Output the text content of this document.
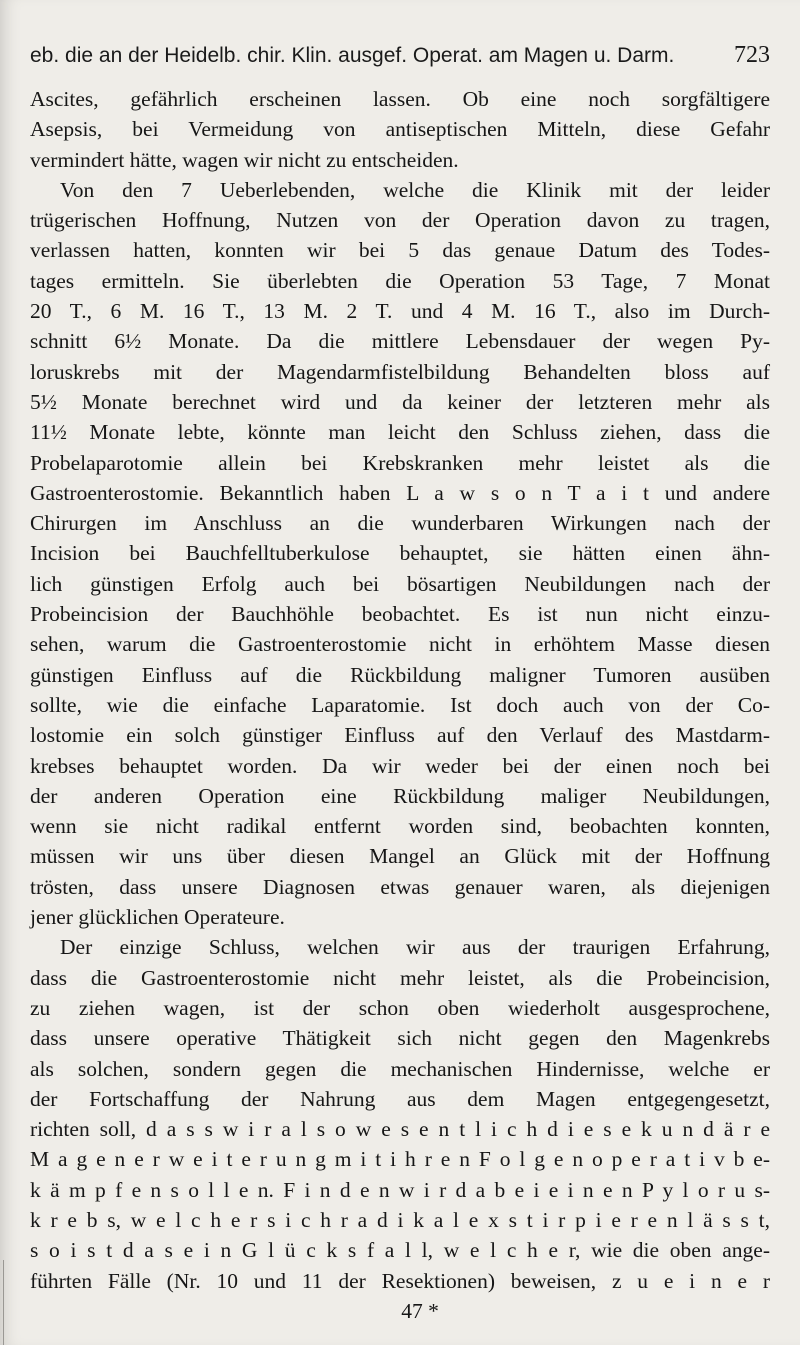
eb. die an der Heidelb. chir. Klin. ausgef. Operat. am Magen u. Darm. 723
Ascites, gefährlich erscheinen lassen. Ob eine noch sorgfältigere
Asepsis, bei Vermeidung von antiseptischen Mitteln, diese Gefahr
vermindert hätte, wagen wir nicht zu entscheiden.
Von den 7 Ueberlebenden, welche die Klinik mit der leider
trügerischen Hoffnung, Nutzen von der Operation davon zu tragen,
verlassen hatten, konnten wir bei 5 das genaue Datum des Todes-
tages ermitteln. Sie überlebten die Operation 53 Tage, 7 Monat
20 T., 6 M. 16 T., 13 M. 2 T. und 4 M. 16 T., also im Durch-
schnitt 6½ Monate. Da die mittlere Lebensdauer der wegen Py-
loruskrebs mit der Magendarmfistelbildung Behandelten bloss auf
5½ Monate berechnet wird und da keiner der letzteren mehr als
11½ Monate lebte, könnte man leicht den Schluss ziehen, dass die
Probelaparotomie allein bei Krebskranken mehr leistet als die
Gastroenterostomie. Bekanntlich haben L a w s o n T a i t und andere
Chirurgen im Anschluss an die wunderbaren Wirkungen nach der
Incision bei Bauchfelltuberkulose behauptet, sie hätten einen ähn-
lich günstigen Erfolg auch bei bösartigen Neubildungen nach der
Probeincision der Bauchhöhle beobachtet. Es ist nun nicht einzu-
sehen, warum die Gastroenterostomie nicht in erhöhtem Masse diesen
günstigen Einfluss auf die Rückbildung maligner Tumoren ausüben
sollte, wie die einfache Laparatomie. Ist doch auch von der Co-
lostomie ein solch günstiger Einfluss auf den Verlauf des Mastdarm-
krebses behauptet worden. Da wir weder bei der einen noch bei
der anderen Operation eine Rückbildung maliger Neubildungen,
wenn sie nicht radikal entfernt worden sind, beobachten konnten,
müssen wir uns über diesen Mangel an Glück mit der Hoffnung
trösten, dass unsere Diagnosen etwas genauer waren, als diejenigen
jener glücklichen Operateure.
Der einzige Schluss, welchen wir aus der traurigen Erfahrung,
dass die Gastroenterostomie nicht mehr leistet, als die Probeincision,
zu ziehen wagen, ist der schon oben wiederholt ausgesprochene,
dass unsere operative Thätigkeit sich nicht gegen den Magenkrebs
als solchen, sondern gegen die mechanischen Hindernisse, welche er
der Fortschaffung der Nahrung aus dem Magen entgegengesetzt,
richten soll, d a s s w i r a l s o w e s e n t l i c h d i e s e k u n d ä r e
M a g e n e r w e i t e r u n g m i t i h r e n F o l g e n o p e r a t i v b e-
k ä m p f e n s o l l e n. F i n d e n w i r d a b e i e i n e n P y l o r u s-
k r e b s, w e l c h e r s i c h r a d i k a l e x s t i r p i e r e n l ä s s t,
s o i s t d a s e i n G l ü c k s f a l l, w e l c h e r, wie die oben ange-
führten Fälle (Nr. 10 und 11 der Resektionen) beweisen, z u e i n e r
47 *
